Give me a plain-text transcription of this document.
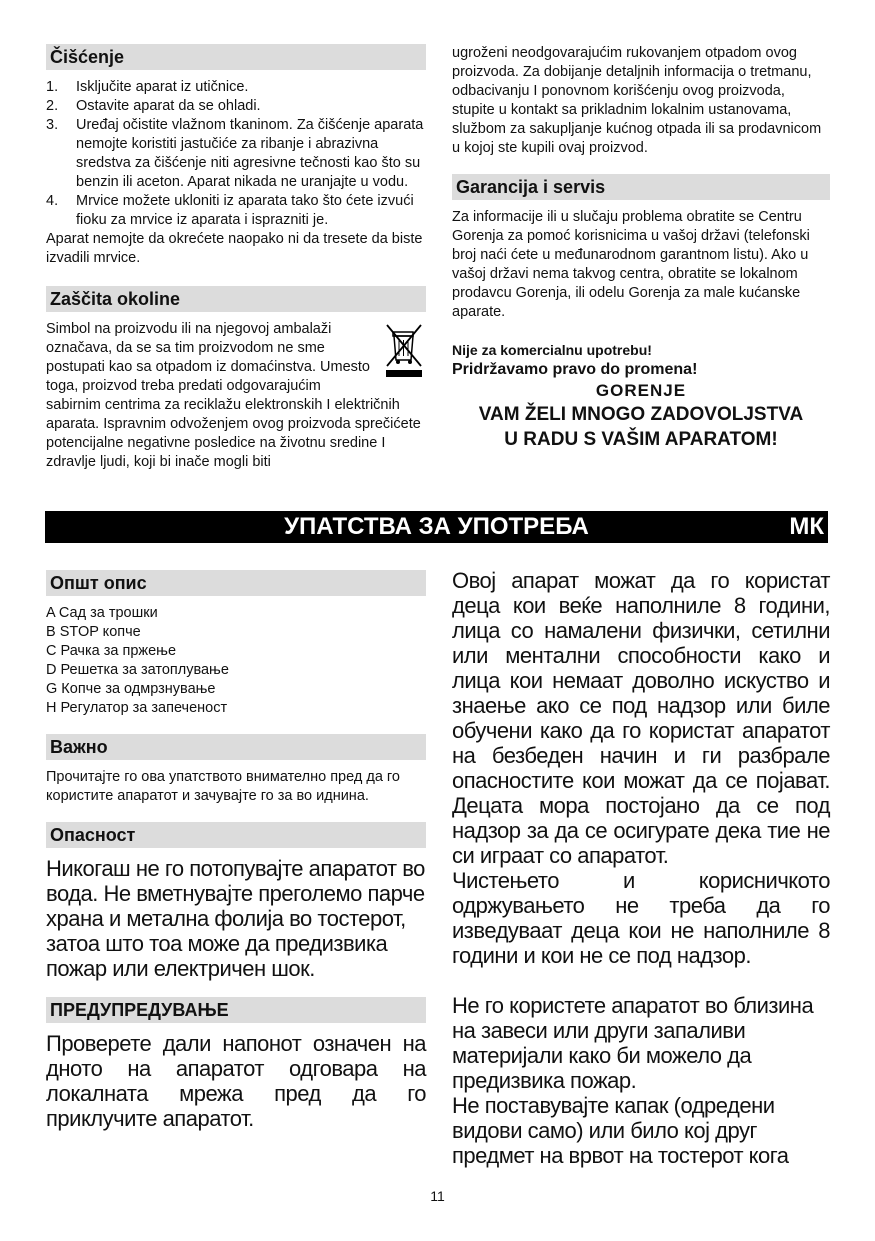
Čišćenje
1.	Isključite aparat iz utičnice.
2.	Ostavite aparat da se ohladi.
3.	Uređaj očistite vlažnom tkaninom. Za čišćenje aparata nemojte koristiti jastučiće za ribanje i abrazivna sredstva za čišćenje niti agresivne tečnosti kao što su benzin ili aceton. Aparat nikada ne uranjajte u vodu.
4.	Mrvice možete ukloniti iz aparata tako što ćete izvući fioku za mrvice iz aparata i isprazniti je.
Aparat nemojte da okrećete naopako ni da tresete da biste izvadili mrvice.
Zaščita okoline
Simbol na proizvodu ili na njegovoj ambalaži označava, da se sa tim proizvodom ne sme postupati kao sa otpadom iz domaćinstva. Umesto toga, proizvod treba predati odgovarajućim sabirnim centrima za reciklažu elektronskih I električnih aparata. Ispravnim odvoženjem ovog proizvoda sprečićete potencijalne negativne posledice na životnu sredine I zdravlje ljudi, koji bi inače mogli biti
ugroženi neodgovarajućim rukovanjem otpadom ovog proizvoda. Za dobijanje detaljnih informacija o tretmanu, odbacivanju I ponovnom korišćenju ovog proizvoda, stupite u kontakt sa prikladnim lokalnim ustanovama, službom za sakupljanje kućnog otpada ili sa prodavnicom u kojoj ste kupili ovaj proizvod.
Garancija i servis
Za informacije ili u slučaju problema obratite se Centru Gorenja za pomoć korisnicima u vašoj državi (telefonski broj naći ćete u međunarodnom garantnom listu). Ako u vašoj državi nema takvog centra, obratite se lokalnom prodavcu Gorenja, ili odelu Gorenja za male kućanske aparate.
Nije za komercialnu upotrebu!
Pridržavamo pravo do promena!
GORENJE
VAM ŽELI MNOGO ZADOVOLJSTVA
U RADU S VAŠIM APARATOM!
УПАТСТВА ЗА УПОТРЕБА	МК
Општ опис
A Сад за трошки
B STOP копче
C Рачка за пржење
D Решетка за затоплување
G Копче за одмрзнување
H Регулатор за запеченост
Важно
Прочитајте го ова упатството внимателно пред да го користите апаратот и зачувајте го за во иднина.
Опасност
Никогаш не го потопувајте апаратот во вода. Не вметнувајте преголемо парче храна и метална фолија во тостерот, затоа што тоа може да предизвика пожар или електричен шок.
ПРЕДУПРЕДУВАЊЕ
Проверете дали напонот означен на дното на апаратот одговара на локалната мрежа пред да го приклучите апаратот.
Овој апарат можат да го користат деца кои веќе наполниле 8 години, лица со намалени физички, сетилни или ментални способности како и лица кои немаат доволно искуство и знаење ако се под надзор или биле обучени како да го користат апаратот на безбеден начин и ги разбрале опасностите кои можат да се појават. Децата мора постојано да се под надзор за да се осигурате дека тие не си играат со апаратот.
Чистењето и корисничкото одржувањето не треба да го изведуваат деца кои не наполниле 8 години и кои не се под надзор.
Не го користете апаратот во близина на завеси или други запаливи материјали како би можело да предизвика пожар.
Не поставувајте капак (одредени видови само) или било кој друг предмет на врвот на тостерот кога
11
